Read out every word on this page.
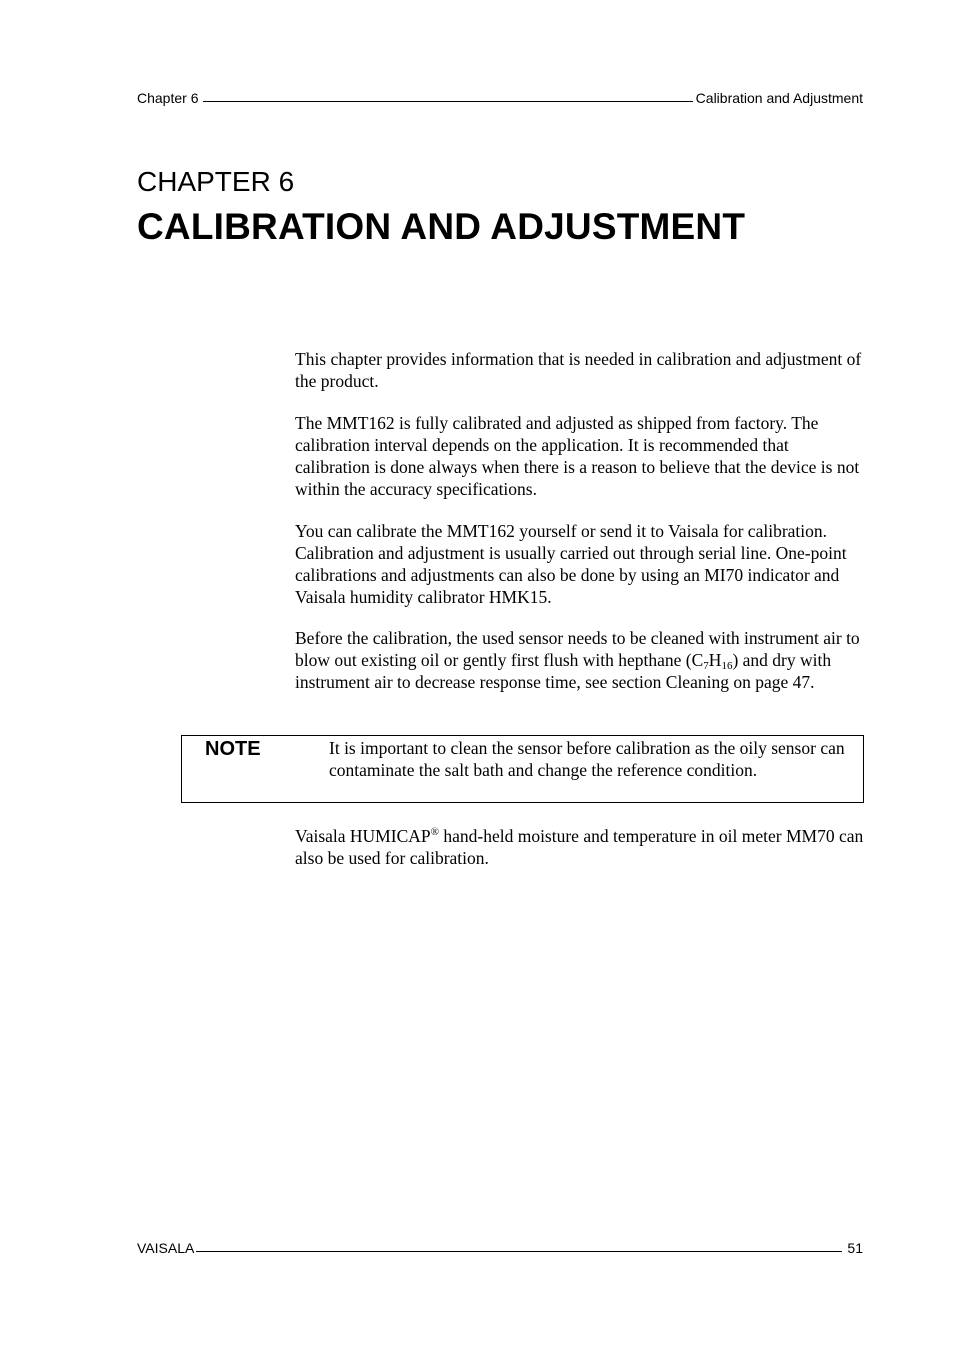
Chapter 6	Calibration and Adjustment
CHAPTER 6
CALIBRATION AND ADJUSTMENT

This chapter provides information that is needed in calibration and adjustment of the product.

The MMT162 is fully calibrated and adjusted as shipped from factory. The calibration interval depends on the application. It is recommended that calibration is done always when there is a reason to believe that the device is not within the accuracy specifications.

You can calibrate the MMT162 yourself or send it to Vaisala for calibration. Calibration and adjustment is usually carried out through serial line. One-point calibrations and adjustments can also be done by using an MI70 indicator and Vaisala humidity calibrator HMK15.

Before the calibration, the used sensor needs to be cleaned with instrument air to blow out existing oil or gently first flush with hepthane $(C_7H_{16})$ and dry with instrument air to decrease response time, see section Cleaning on page 47.

NOTE	It is important to clean the sensor before calibration as the oily sensor can contaminate the salt bath and change the reference condition.

Vaisala HUMICAP® hand-held moisture and temperature in oil meter MM70 can also be used for calibration.

VAISALA	51
